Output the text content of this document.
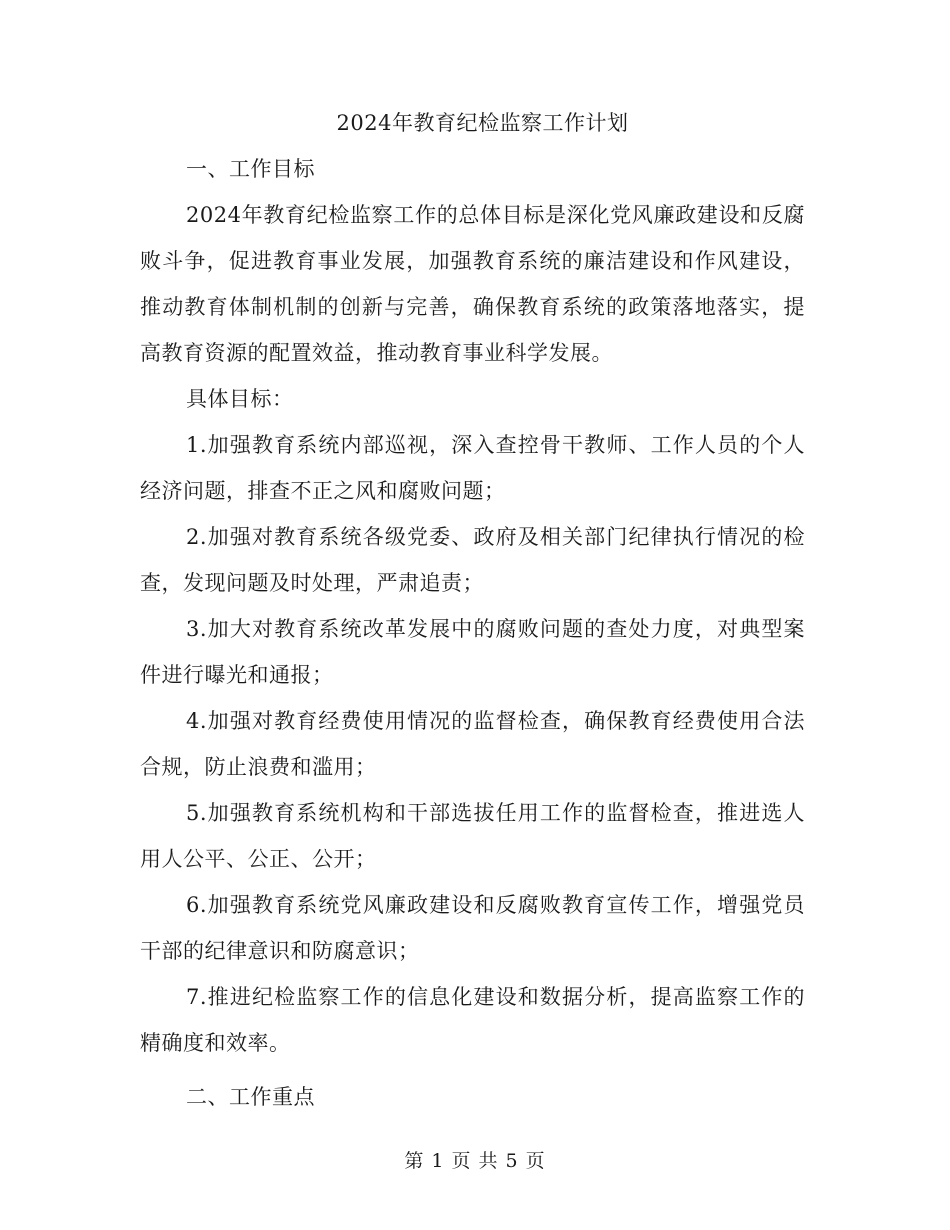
2024年教育纪检监察工作计划

一、工作目标

2024年教育纪检监察工作的总体目标是深化党风廉政建设和反腐败斗争，促进教育事业发展，加强教育系统的廉洁建设和作风建设，推动教育体制机制的创新与完善，确保教育系统的政策落地落实，提高教育资源的配置效益，推动教育事业科学发展。

具体目标：

1.加强教育系统内部巡视，深入查控骨干教师、工作人员的个人经济问题，排查不正之风和腐败问题；

2.加强对教育系统各级党委、政府及相关部门纪律执行情况的检查，发现问题及时处理，严肃追责；

3.加大对教育系统改革发展中的腐败问题的查处力度，对典型案件进行曝光和通报；

4.加强对教育经费使用情况的监督检查，确保教育经费使用合法合规，防止浪费和滥用；

5.加强教育系统机构和干部选拔任用工作的监督检查，推进选人用人公平、公正、公开；

6.加强教育系统党风廉政建设和反腐败教育宣传工作，增强党员干部的纪律意识和防腐意识；

7.推进纪检监察工作的信息化建设和数据分析，提高监察工作的精确度和效率。

二、工作重点

第 1 页 共 5 页
